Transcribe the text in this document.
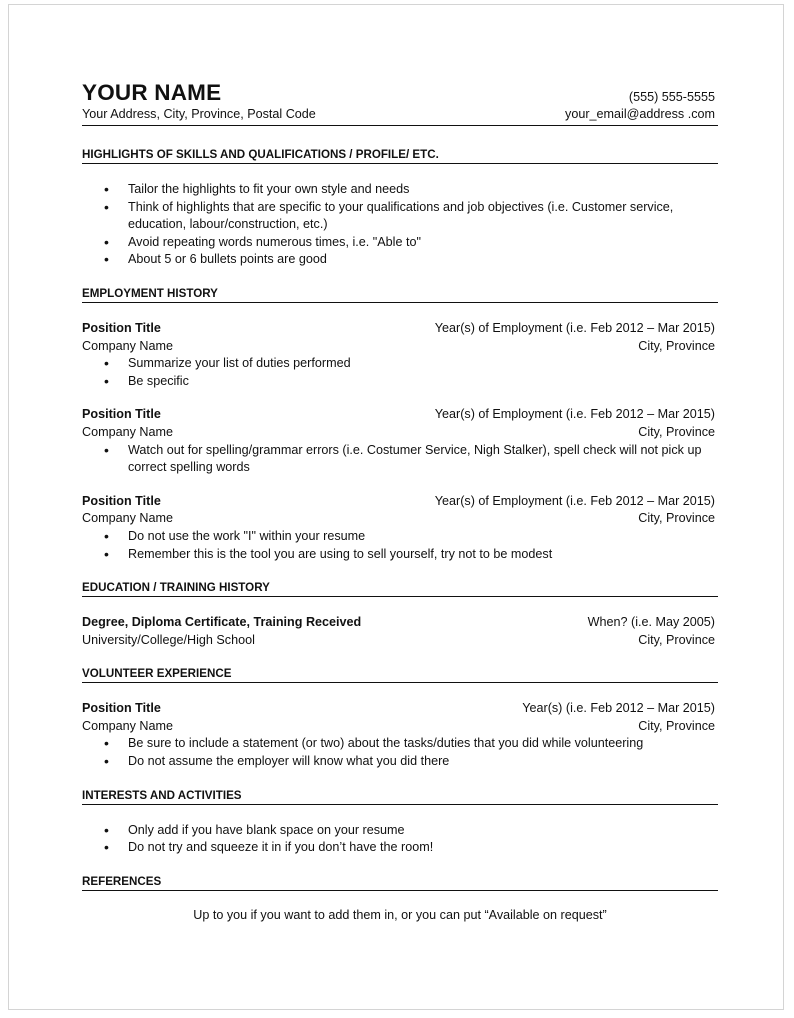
YOUR NAME	(555) 555-5555
Your Address, City, Province, Postal Code	your_email@address .com
HIGHLIGHTS OF SKILLS AND QUALIFICATIONS / PROFILE/ ETC.
• Tailor the highlights to fit your own style and needs
• Think of highlights that are specific to your qualifications and job objectives (i.e. Customer service, education, labour/construction, etc.)
• Avoid repeating words numerous times, i.e. "Able to"
• About 5 or 6 bullets points are good
EMPLOYMENT HISTORY
Position Title	Year(s) of Employment (i.e. Feb 2012 – Mar 2015)
Company Name	City, Province
• Summarize your list of duties performed
• Be specific
Position Title	Year(s) of Employment (i.e. Feb 2012 – Mar 2015)
Company Name	City, Province
• Watch out for spelling/grammar errors (i.e. Costumer Service, Nigh Stalker), spell check will not pick up correct spelling words
Position Title	Year(s) of Employment (i.e. Feb 2012 – Mar 2015)
Company Name	City, Province
• Do not use the work "I" within your resume
• Remember this is the tool you are using to sell yourself, try not to be modest
EDUCATION / TRAINING HISTORY
Degree, Diploma Certificate, Training Received	When? (i.e. May 2005)
University/College/High School	City, Province
VOLUNTEER EXPERIENCE
Position Title	Year(s) (i.e. Feb 2012 – Mar 2015)
Company Name	City, Province
• Be sure to include a statement (or two) about the tasks/duties that you did while volunteering
• Do not assume the employer will know what you did there
INTERESTS AND ACTIVITIES
• Only add if you have blank space on your resume
• Do not try and squeeze it in if you don’t have the room!
REFERENCES
Up to you if you want to add them in, or you can put “Available on request”
